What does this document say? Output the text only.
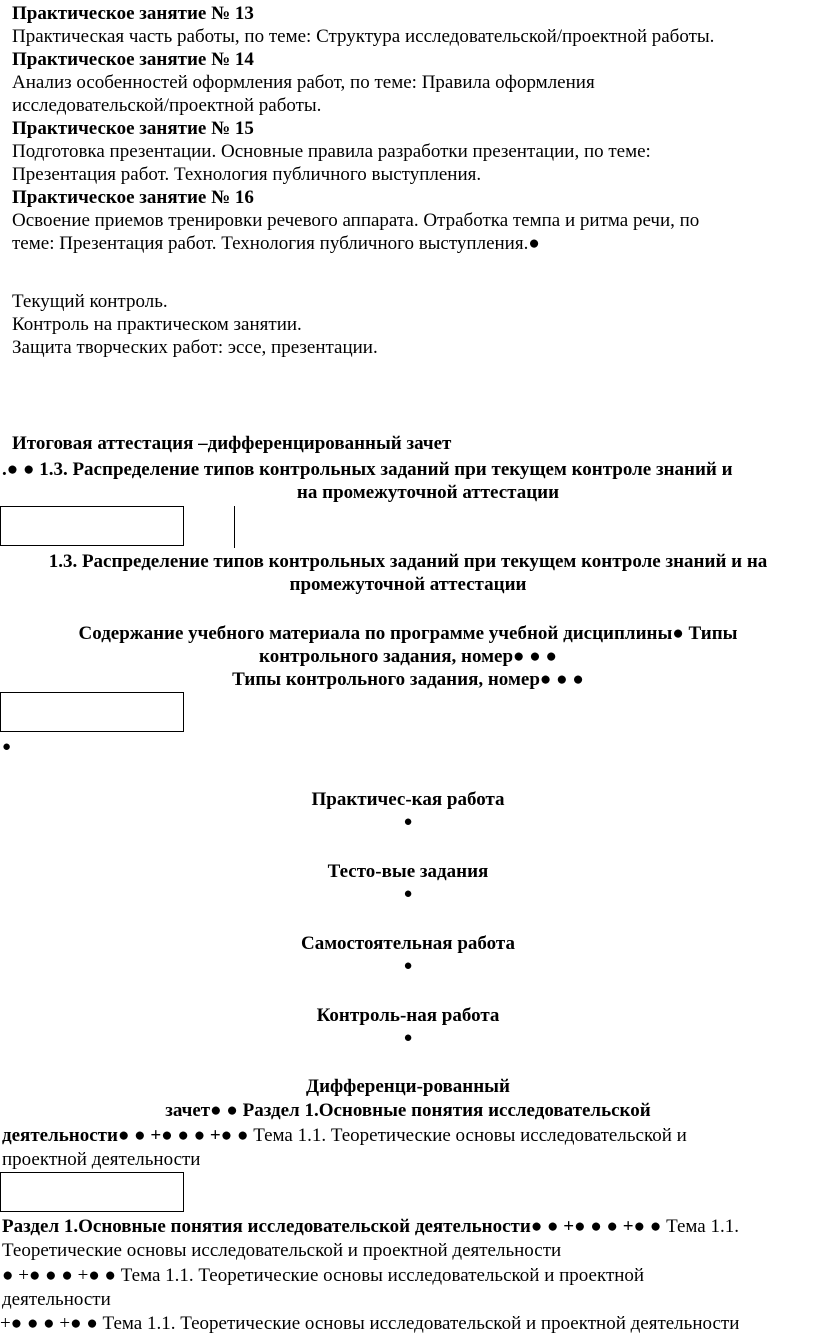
Практическое занятие № 13
Практическая часть работы, по теме: Структура исследовательской/проектной работы.
Практическое занятие № 14
Анализ особенностей оформления работ, по теме: Правила оформления
исследовательской/проектной работы.
Практическое занятие № 15
Подготовка презентации. Основные правила разработки презентации, по теме:
Презентация работ. Технология публичного выступления.
Практическое занятие № 16
Освоение приемов тренировки речевого аппарата. Отработка темпа и ритма речи, по
теме: Презентация работ. Технология публичного выступления.●
Текущий контроль.
Контроль на практическом занятии.
Защита творческих работ: эссе, презентации.
Итоговая аттестация –дифференцированный зачет
.● ● 1.3. Распределение типов контрольных заданий при текущем контроле знаний и
на промежуточной аттестации
1.3. Распределение типов контрольных заданий при текущем контроле знаний и на
промежуточной аттестации
Содержание учебного материала по программе учебной дисциплины● Типы
контрольного задания, номер● ● ●
Типы контрольного задания, номер● ● ●
●
Практичес-кая работа
●
Тесто-вые задания
●
Самостоятельная работа
●
Контроль-ная работа
●
Дифференци-рованный
зачет● ● Раздел 1.Основные понятия исследовательской
деятельности● ● +● ● ● +● ● Тема 1.1. Теоретические основы исследовательской и
проектной деятельности
Раздел 1.Основные понятия исследовательской деятельности● ● +● ● ● +● ● Тема 1.1.
Теоретические основы исследовательской и проектной деятельности
● +● ● ● +● ● Тема 1.1. Теоретические основы исследовательской и проектной
деятельности
+● ● ● +● ● Тема 1.1. Теоретические основы исследовательской и проектной деятельности
